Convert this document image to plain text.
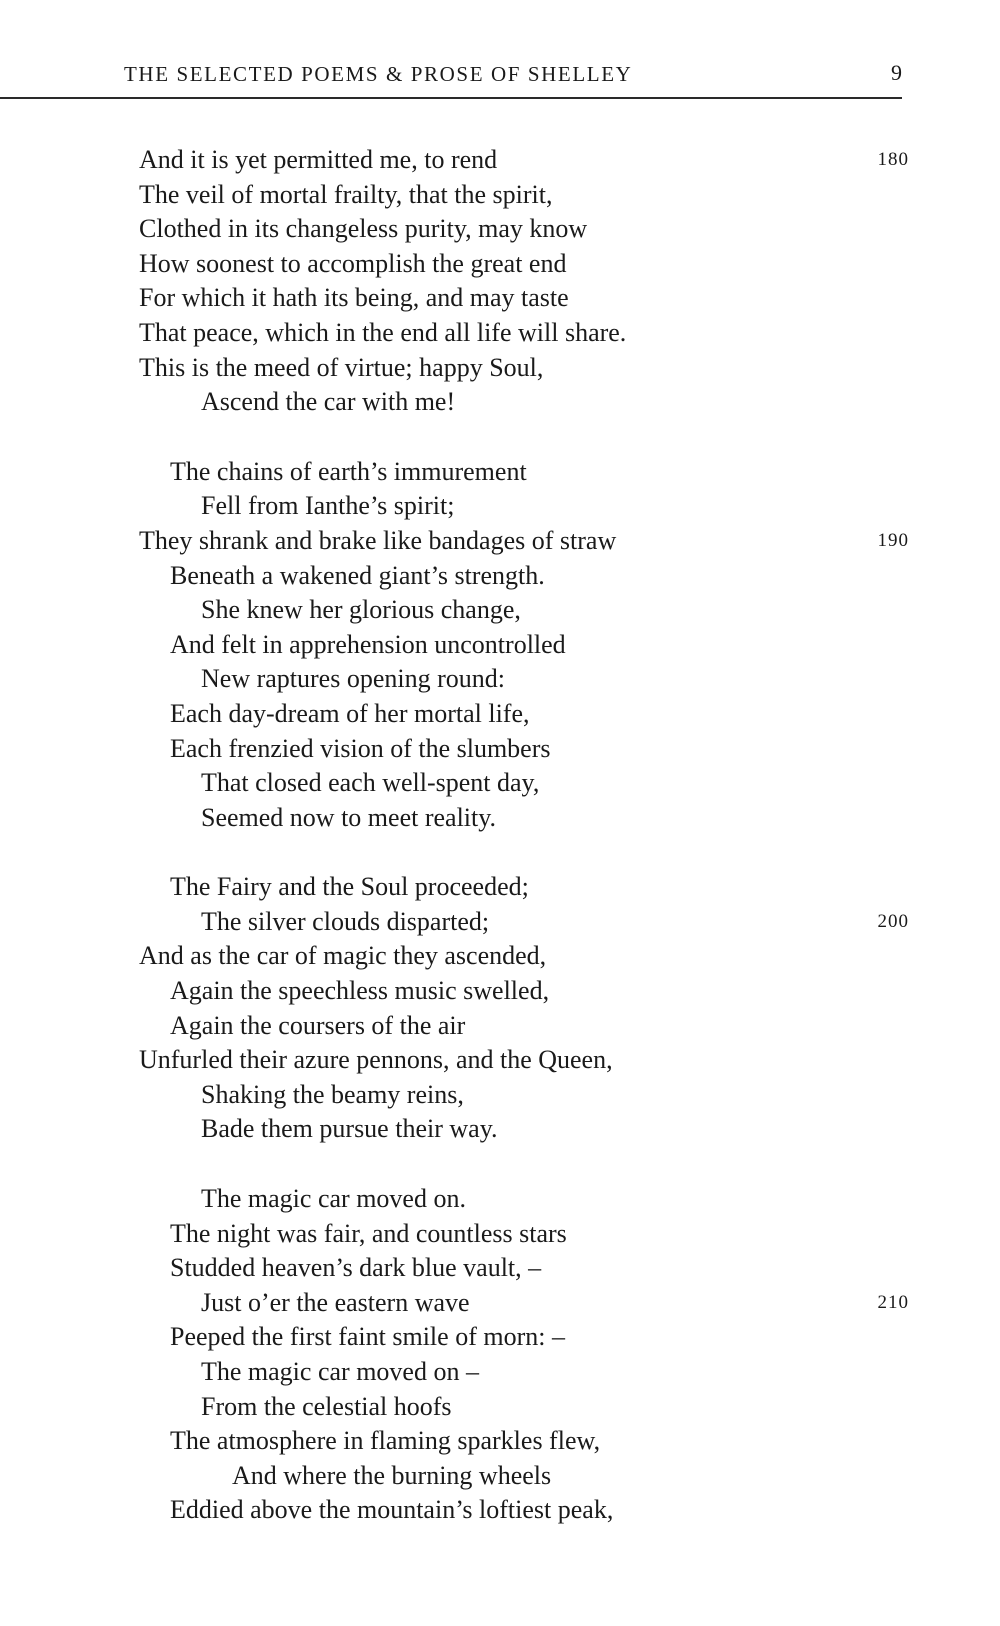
THE SELECTED POEMS & PROSE OF SHELLEY	9
And it is yet permitted me, to rend	180
The veil of mortal frailty, that the spirit,
Clothed in its changeless purity, may know
How soonest to accomplish the great end
For which it hath its being, and may taste
That peace, which in the end all life will share.
This is the meed of virtue; happy Soul,
Ascend the car with me!
The chains of earth’s immurement
Fell from Ianthe’s spirit;
They shrank and brake like bandages of straw	190
Beneath a wakened giant’s strength.
She knew her glorious change,
And felt in apprehension uncontrolled
New raptures opening round:
Each day-dream of her mortal life,
Each frenzied vision of the slumbers
That closed each well-spent day,
Seemed now to meet reality.
The Fairy and the Soul proceeded;
The silver clouds disparted;	200
And as the car of magic they ascended,
Again the speechless music swelled,
Again the coursers of the air
Unfurled their azure pennons, and the Queen,
Shaking the beamy reins,
Bade them pursue their way.
The magic car moved on.
The night was fair, and countless stars
Studded heaven’s dark blue vault, –
Just o’er the eastern wave	210
Peeped the first faint smile of morn: –
The magic car moved on –
From the celestial hoofs
The atmosphere in flaming sparkles flew,
And where the burning wheels
Eddied above the mountain’s loftiest peak,
